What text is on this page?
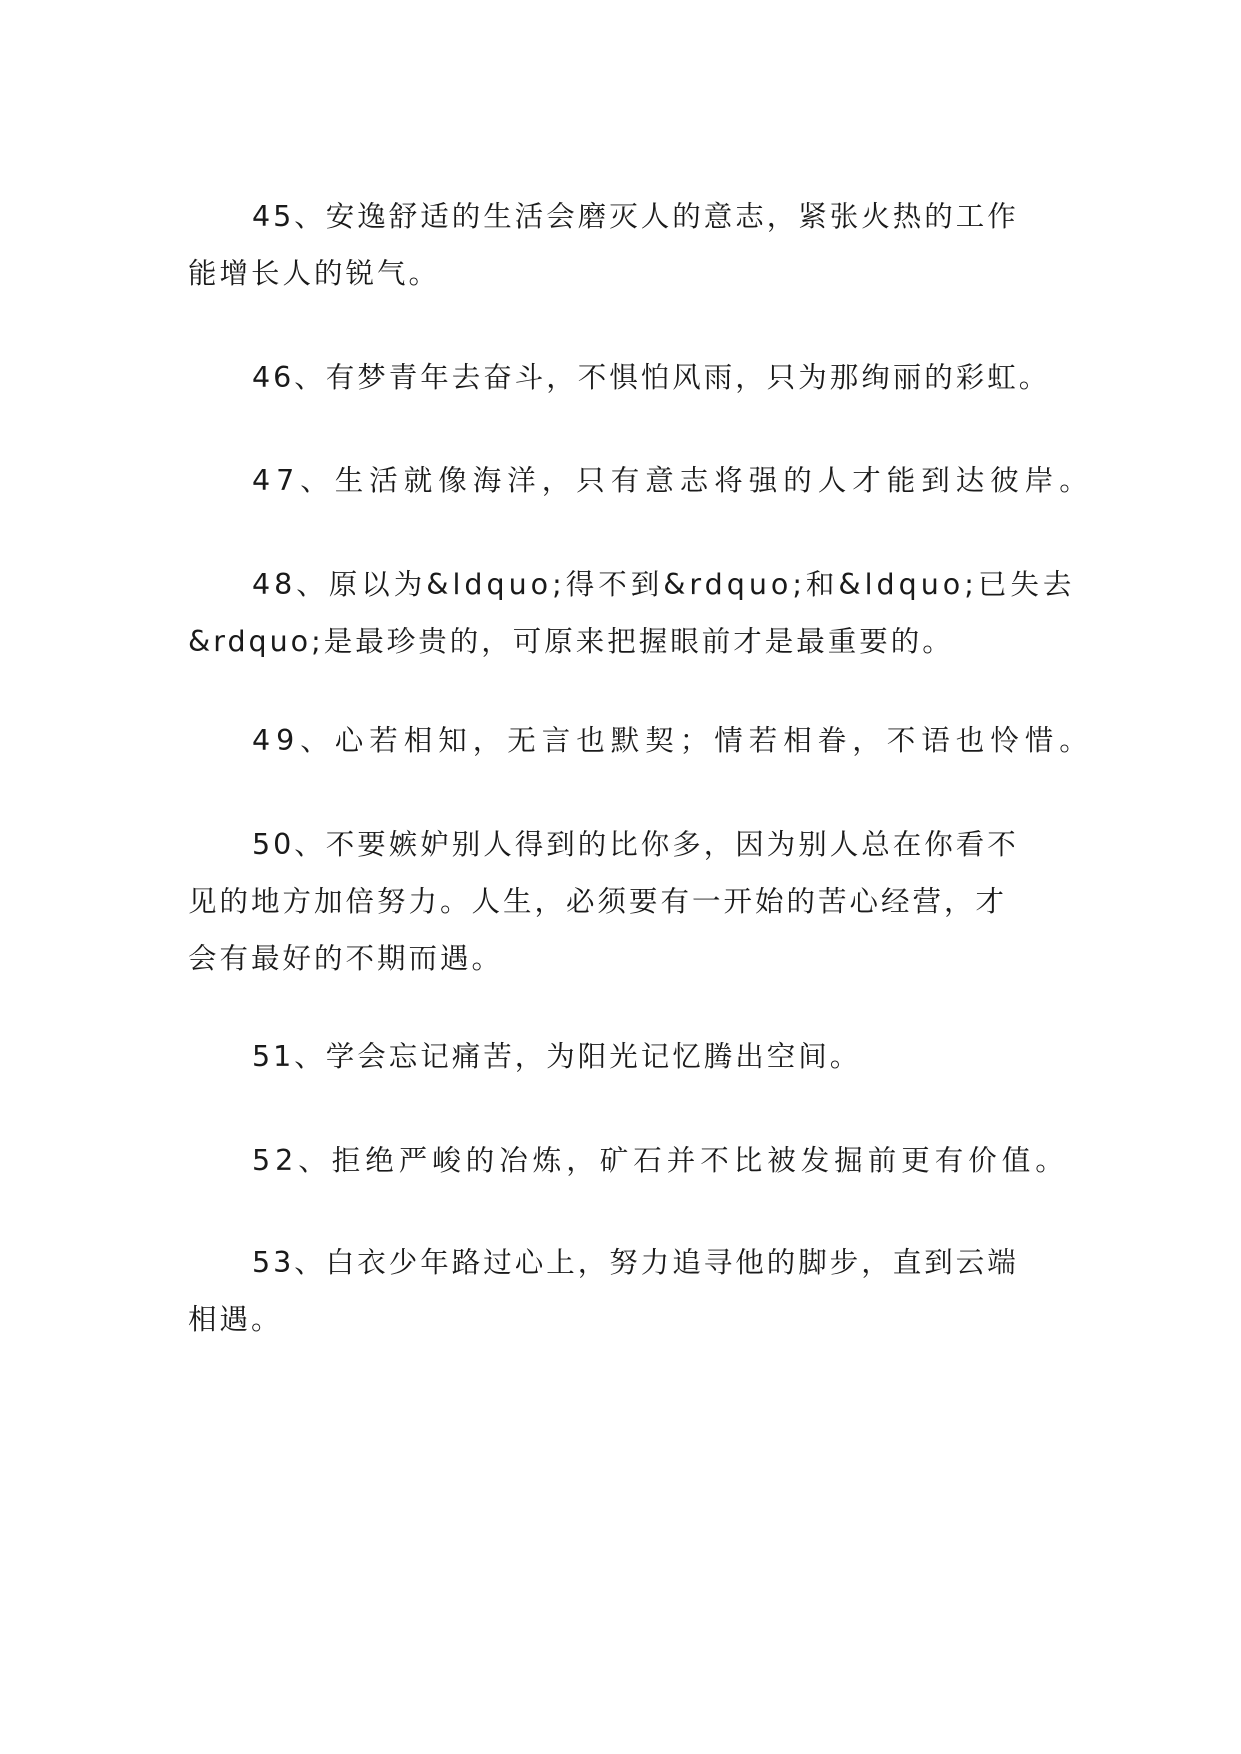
45、安逸舒适的生活会磨灭人的意志，紧张火热的工作
能增长人的锐气。

46、有梦青年去奋斗，不惧怕风雨，只为那绚丽的彩虹。

47、生活就像海洋，只有意志将强的人才能到达彼岸。

48、原以为&ldquo;得不到&rdquo;和&ldquo;已失去
&rdquo;是最珍贵的，可原来把握眼前才是最重要的。

49、心若相知，无言也默契；情若相眷，不语也怜惜。

50、不要嫉妒别人得到的比你多，因为别人总在你看不
见的地方加倍努力。人生，必须要有一开始的苦心经营，才
会有最好的不期而遇。

51、学会忘记痛苦，为阳光记忆腾出空间。

52、拒绝严峻的冶炼，矿石并不比被发掘前更有价值。

53、白衣少年路过心上，努力追寻他的脚步，直到云端
相遇。
